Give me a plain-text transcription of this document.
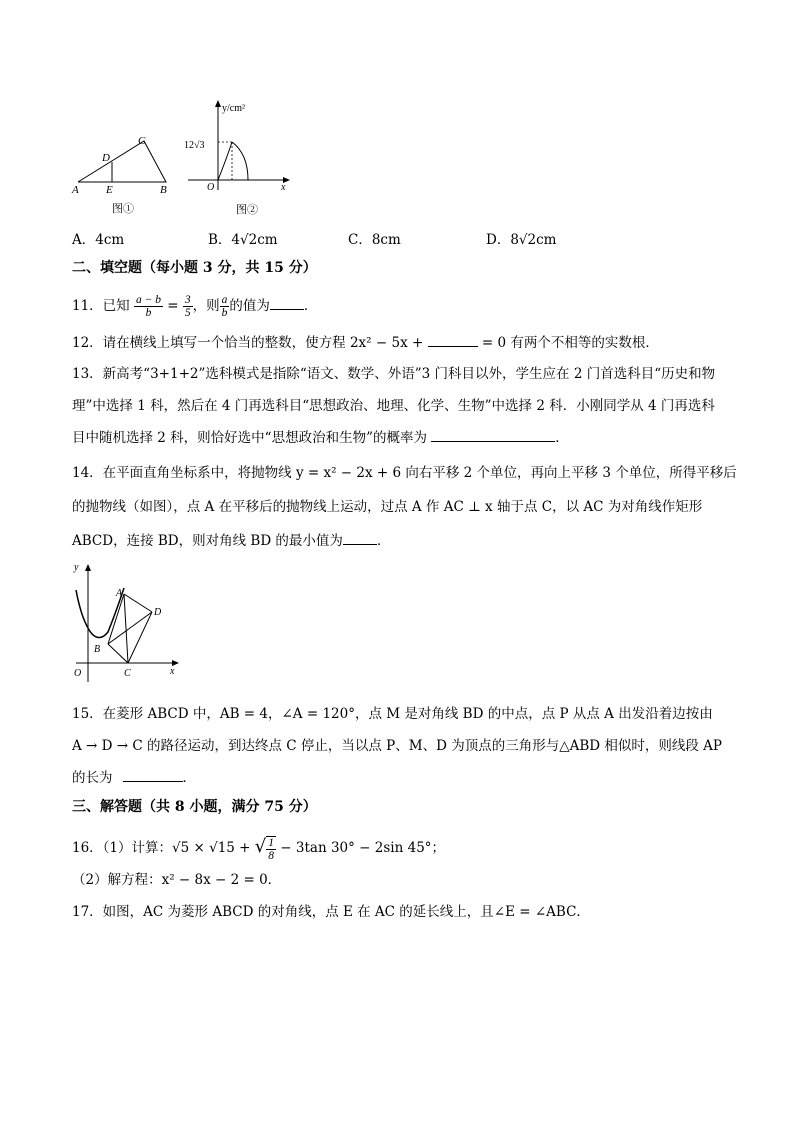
C
D
A E	B
图①
y/cm²
12√3
O	x
图②
A．4cm	B．4√2cm	C．8cm	D．8√2cm
二、填空题（每小题 3 分，共 15 分）
11．已知 $\frac{a - b}{b} = \frac{3}{5}$ ，则 $\frac{a}{b}$ 的值为	．
12．请在横线上填写一个恰当的整数，使方程 2x² − 5x +	= 0 有两个不相等的实数根．
13．新高考“3+1+2”选科模式是指除“语文、数学、外语”3 门科目以外，学生应在 2 门首选科目“历史和物
理”中选择 1 科，然后在 4 门再选科目“思想政治、地理、化学、生物”中选择 2 科．小刚同学从 4 门再选科
目中随机选择 2 科，则恰好选中“思想政治和生物”的概率为	．
14．在平面直角坐标系中，将抛物线 y = x² − 2x + 6 向右平移 2 个单位，再向上平移 3 个单位，所得平移后
的抛物线（如图），点 A 在平移后的抛物线上运动，过点 A 作 AC ⊥ x 轴于点 C，以 AC 为对角线作矩形
ABCD，连接 BD，则对角线 BD 的最小值为	．
y
x
O
A
B
C
D
15．在菱形 ABCD 中，AB = 4，∠A = 120°，点 M 是对角线 BD 的中点，点 P 从点 A 出发沿着边按由
A → D → C 的路径运动，到达终点 C 停止，当以点 P、M、D 为顶点的三角形与△ABD 相似时，则线段 AP
的长为	．
三、解答题（共 8 小题，满分 75 分）
16．（1）计算：√5 × √15 + √ $\frac{1}{8} - 3\tan$ 30° − 2sin 45°；
（2）解方程：x² − 8x − 2 = 0．
17．如图，AC 为菱形 ABCD 的对角线，点 E 在 AC 的延长线上，且∠E = ∠ABC．
